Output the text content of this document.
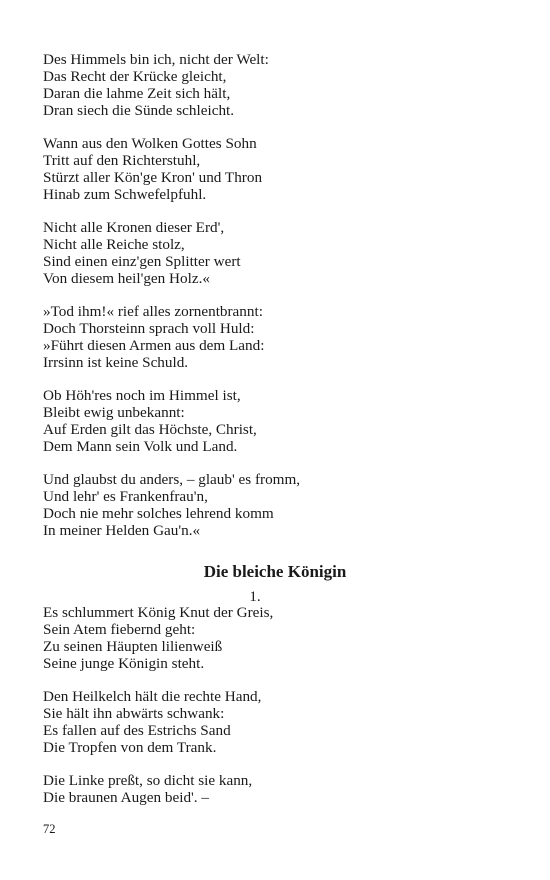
Des Himmels bin ich, nicht der Welt:
Das Recht der Krücke gleicht,
Daran die lahme Zeit sich hält,
Dran siech die Sünde schleicht.
Wann aus den Wolken Gottes Sohn
Tritt auf den Richterstuhl,
Stürzt aller Kön'ge Kron' und Thron
Hinab zum Schwefelpfuhl.
Nicht alle Kronen dieser Erd',
Nicht alle Reiche stolz,
Sind einen einz'gen Splitter wert
Von diesem heil'gen Holz.«
»Tod ihm!« rief alles zornentbrannt:
Doch Thorsteinn sprach voll Huld:
»Führt diesen Armen aus dem Land:
Irrsinn ist keine Schuld.
Ob Höh'res noch im Himmel ist,
Bleibt ewig unbekannt:
Auf Erden gilt das Höchste, Christ,
Dem Mann sein Volk und Land.
Und glaubst du anders, – glaub' es fromm,
Und lehr' es Frankenfrau'n,
Doch nie mehr solches lehrend komm
In meiner Helden Gau'n.«
Die bleiche Königin
1.
Es schlummert König Knut der Greis,
Sein Atem fiebernd geht:
Zu seinen Häupten lilienweiß
Seine junge Königin steht.
Den Heilkelch hält die rechte Hand,
Sie hält ihn abwärts schwank:
Es fallen auf des Estrichs Sand
Die Tropfen von dem Trank.
Die Linke preßt, so dicht sie kann,
Die braunen Augen beid'. –
72
